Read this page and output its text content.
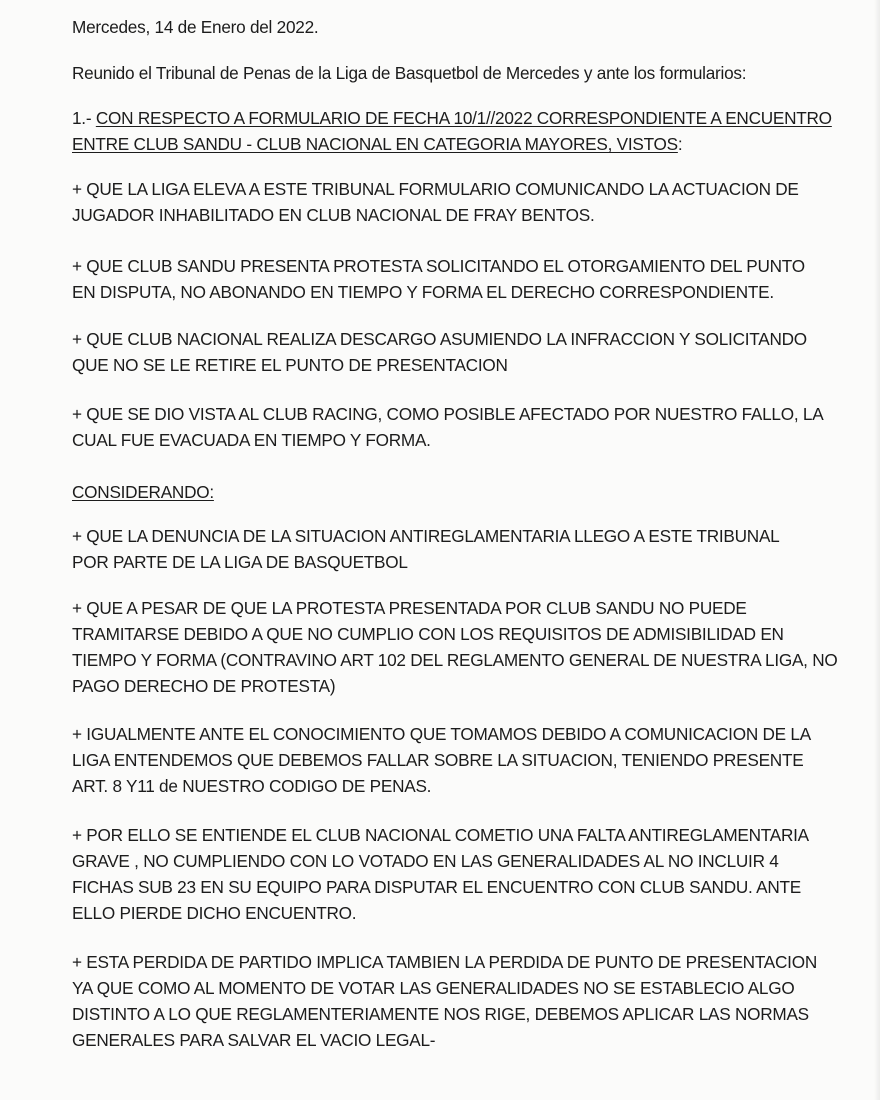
Mercedes, 14 de Enero del 2022.
Reunido el Tribunal de Penas de la Liga de Basquetbol de Mercedes y ante los formularios:
1.- CON RESPECTO A FORMULARIO DE FECHA 10/1//2022 CORRESPONDIENTE A ENCUENTRO
ENTRE CLUB SANDU - CLUB NACIONAL EN CATEGORIA MAYORES, VISTOS:
+ QUE LA LIGA ELEVA A ESTE TRIBUNAL FORMULARIO COMUNICANDO LA ACTUACION DE
JUGADOR INHABILITADO EN CLUB NACIONAL DE FRAY BENTOS.
+ QUE CLUB SANDU PRESENTA PROTESTA SOLICITANDO EL OTORGAMIENTO DEL PUNTO
EN DISPUTA, NO ABONANDO EN TIEMPO Y FORMA EL DERECHO CORRESPONDIENTE.
+ QUE CLUB NACIONAL REALIZA DESCARGO ASUMIENDO LA INFRACCION Y SOLICITANDO
QUE NO SE LE RETIRE EL PUNTO DE PRESENTACION
+ QUE SE DIO VISTA AL CLUB RACING, COMO POSIBLE AFECTADO POR NUESTRO FALLO, LA
CUAL FUE EVACUADA EN TIEMPO Y FORMA.
CONSIDERANDO:
+ QUE LA DENUNCIA DE LA SITUACION ANTIREGLAMENTARIA LLEGO A ESTE TRIBUNAL
POR PARTE DE LA LIGA DE BASQUETBOL
+ QUE A PESAR DE QUE LA PROTESTA PRESENTADA POR CLUB SANDU NO PUEDE
TRAMITARSE DEBIDO A QUE NO CUMPLIO CON LOS REQUISITOS DE ADMISIBILIDAD EN
TIEMPO Y FORMA (CONTRAVINO ART 102 DEL REGLAMENTO GENERAL DE NUESTRA LIGA, NO
PAGO DERECHO DE PROTESTA)
+ IGUALMENTE ANTE EL CONOCIMIENTO QUE TOMAMOS DEBIDO A COMUNICACION DE LA
LIGA ENTENDEMOS QUE DEBEMOS FALLAR SOBRE LA SITUACION, TENIENDO PRESENTE
ART. 8 Y11 de NUESTRO CODIGO DE PENAS.
+ POR ELLO SE ENTIENDE EL CLUB NACIONAL COMETIO UNA FALTA ANTIREGLAMENTARIA
GRAVE , NO CUMPLIENDO CON LO VOTADO EN LAS GENERALIDADES AL NO INCLUIR 4
FICHAS SUB 23 EN SU EQUIPO PARA DISPUTAR EL ENCUENTRO CON CLUB SANDU. ANTE
ELLO PIERDE DICHO ENCUENTRO.
+ ESTA PERDIDA DE PARTIDO IMPLICA TAMBIEN LA PERDIDA DE PUNTO DE PRESENTACION
YA QUE COMO AL MOMENTO DE VOTAR LAS GENERALIDADES NO SE ESTABLECIO ALGO
DISTINTO A LO QUE REGLAMENTERIAMENTE NOS RIGE, DEBEMOS APLICAR LAS NORMAS
GENERALES PARA SALVAR EL VACIO LEGAL-
